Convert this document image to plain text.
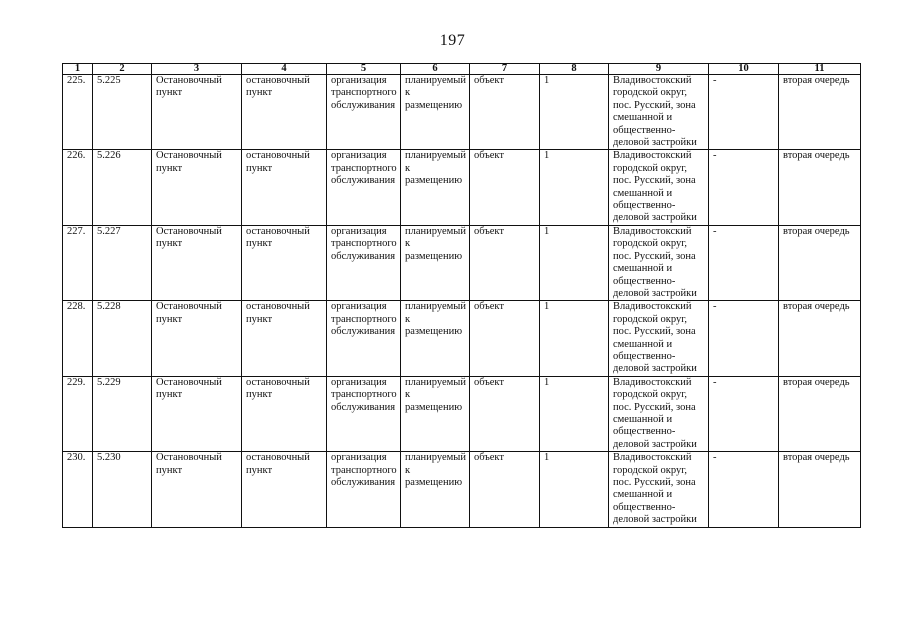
197
1	2	3	4	5	6	7	8	9	10	11
225.	5.225	Остановочный пункт	остановочный пункт	организация транспортного обслуживания	планируемый к размещению	объект	1	Владивостокский городской округ, пос. Русский, зона смешанной и общественно-деловой застройки	-	вторая очередь
226.	5.226	Остановочный пункт	остановочный пункт	организация транспортного обслуживания	планируемый к размещению	объект	1	Владивостокский городской округ, пос. Русский, зона смешанной и общественно-деловой застройки	-	вторая очередь
227.	5.227	Остановочный пункт	остановочный пункт	организация транспортного обслуживания	планируемый к размещению	объект	1	Владивостокский городской округ, пос. Русский, зона смешанной и общественно-деловой застройки	-	вторая очередь
228.	5.228	Остановочный пункт	остановочный пункт	организация транспортного обслуживания	планируемый к размещению	объект	1	Владивостокский городской округ, пос. Русский, зона смешанной и общественно-деловой застройки	-	вторая очередь
229.	5.229	Остановочный пункт	остановочный пункт	организация транспортного обслуживания	планируемый к размещению	объект	1	Владивостокский городской округ, пос. Русский, зона смешанной и общественно-деловой застройки	-	вторая очередь
230.	5.230	Остановочный пункт	остановочный пункт	организация транспортного обслуживания	планируемый к размещению	объект	1	Владивостокский городской округ, пос. Русский, зона смешанной и общественно-деловой застройки	-	вторая очередь
